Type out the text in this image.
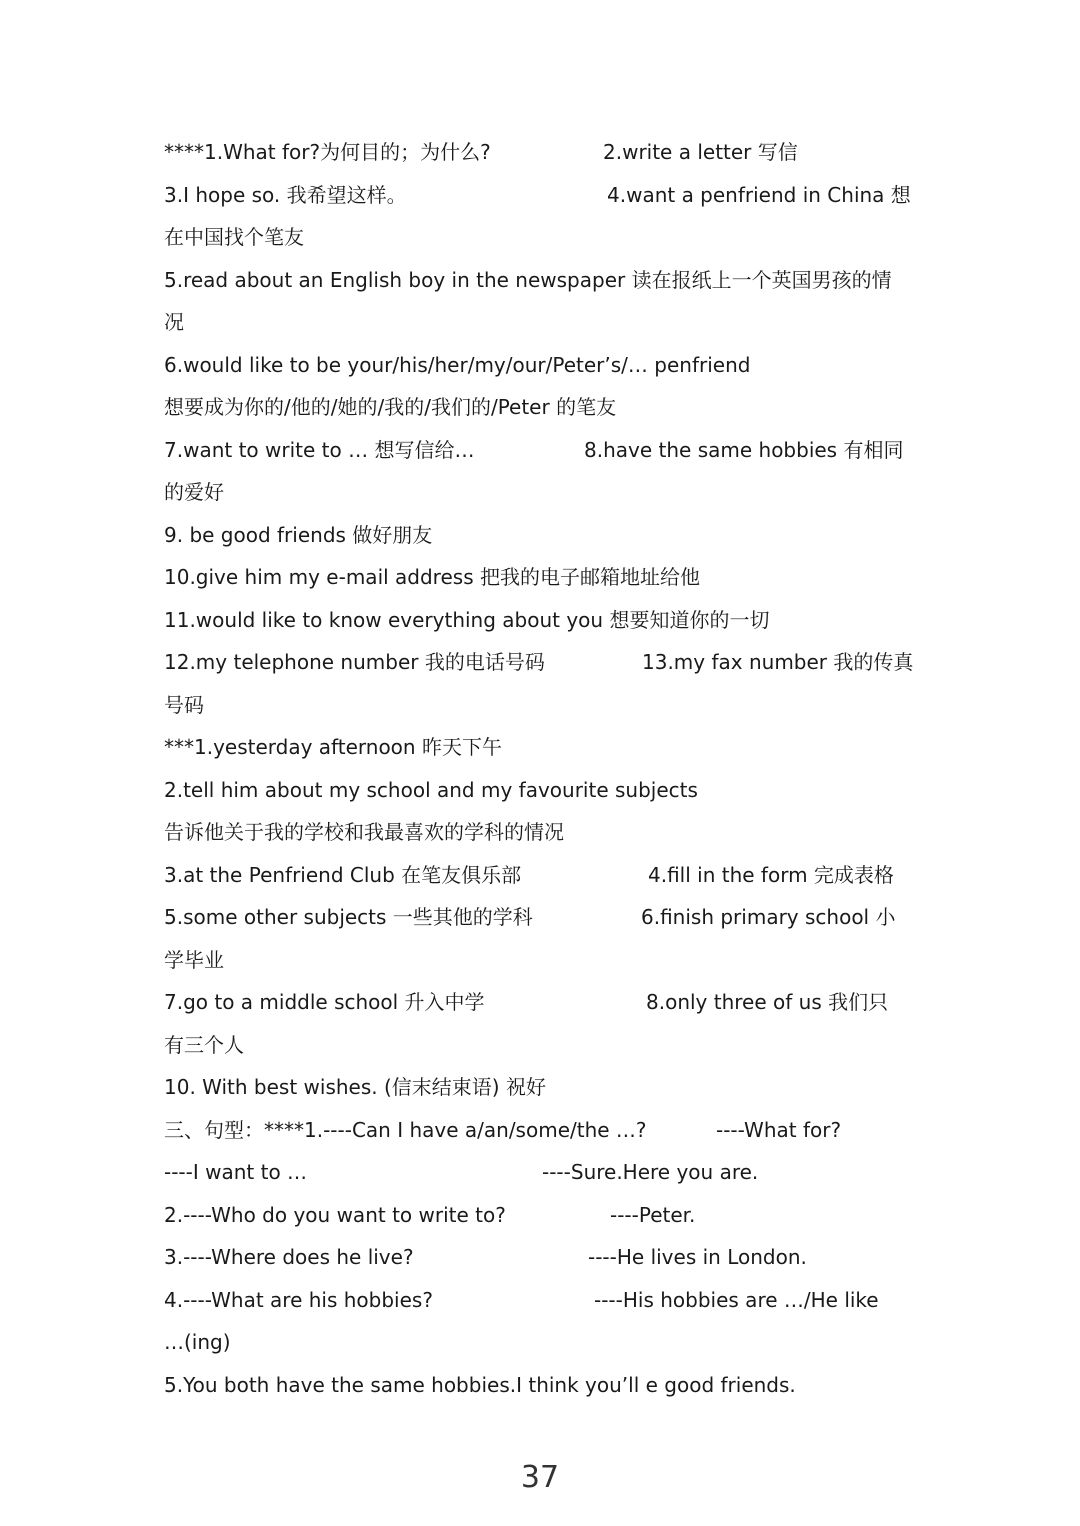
****1.What for?为何目的；为什么?	2.write a letter 写信
3.I hope so. 我希望这样。	4.want a penfriend in China 想
在中国找个笔友
5.read about an English boy in the newspaper 读在报纸上一个英国男孩的情
况
6.would like to be your/his/her/my/our/Peter’s/… penfriend
想要成为你的/他的/她的/我的/我们的/Peter 的笔友
7.want to write to … 想写信给…	8.have the same hobbies 有相同
的爱好
9. be good friends 做好朋友
10.give him my e-mail address 把我的电子邮箱地址给他
11.would like to know everything about you 想要知道你的一切
12.my telephone number 我的电话号码	13.my fax number 我的传真
号码
***1.yesterday afternoon 昨天下午
2.tell him about my school and my favourite subjects
告诉他关于我的学校和我最喜欢的学科的情况
3.at the Penfriend Club 在笔友俱乐部	4.fill in the form 完成表格
5.some other subjects 一些其他的学科	6.finish primary school 小
学毕业
7.go to a middle school 升入中学	8.only three of us 我们只
有三个人
10. With best wishes. (信末结束语) 祝好
三、句型：****1.----Can I have a/an/some/the …?	----What for?
----I want to …	----Sure.Here you are.
2.----Who do you want to write to?	----Peter.
3.----Where does he live?	----He lives in London.
4.----What are his hobbies?	----His hobbies are …/He like
…(ing)
5.You both have the same hobbies.I think you’ll e good friends.
37
